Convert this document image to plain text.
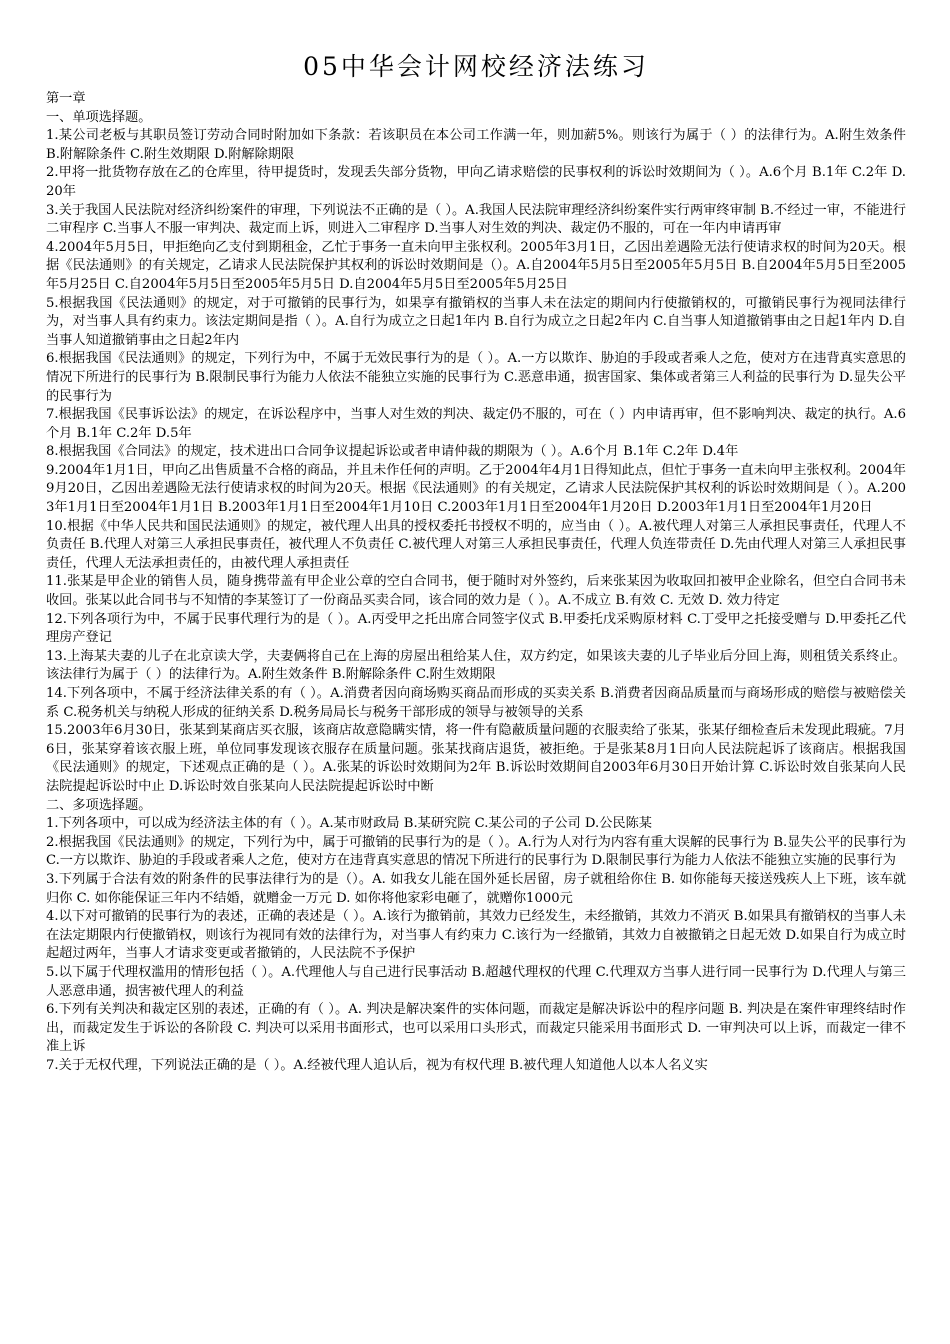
05中华会计网校经济法练习
第一章
一、单项选择题。

1.某公司老板与其职员签订劳动合同时附加如下条款：若该职员在本公司工作满一年，则加薪5%。则该行为属于（ ）的法律行为。A.附生效条件 B.附解除条件 C.附生效期限 D.附解除期限

2.甲将一批货物存放在乙的仓库里，待甲提货时，发现丢失部分货物，甲向乙请求赔偿的民事权利的诉讼时效期间为（ ）。A.6个月 B.1年 C.2年 D.20年

3.关于我国人民法院对经济纠纷案件的审理，下列说法不正确的是（ ）。A.我国人民法院审理经济纠纷案件实行两审终审制 B.不经过一审，不能进行二审程序 C.当事人不服一审判决、裁定而上诉，则进入二审程序 D.当事人对生效的判决、裁定仍不服的，可在一年内申请再审

4.2004年5月5日，甲拒绝向乙支付到期租金，乙忙于事务一直未向甲主张权利。2005年3月1日，乙因出差遇险无法行使请求权的时间为20天。根据《民法通则》的有关规定，乙请求人民法院保护其权利的诉讼时效期间是（）。A.自2004年5月5日至2005年5月5日 B.自2004年5月5日至2005年5月25日 C.自2004年5月5日至2005年5月5日 D.自2004年5月5日至2005年5月25日

5.根据我国《民法通则》的规定，对于可撤销的民事行为，如果享有撤销权的当事人未在法定的期间内行使撤销权的，可撤销民事行为视同法律行为，对当事人具有约束力。该法定期间是指（ ）。A.自行为成立之日起1年内 B.自行为成立之日起2年内 C.自当事人知道撤销事由之日起1年内 D.自当事人知道撤销事由之日起2年内

6.根据我国《民法通则》的规定，下列行为中，不属于无效民事行为的是（ ）。A.一方以欺诈、胁迫的手段或者乘人之危，使对方在违背真实意思的情况下所进行的民事行为 B.限制民事行为能力人依法不能独立实施的民事行为 C.恶意串通，损害国家、集体或者第三人利益的民事行为 D.显失公平的民事行为

7.根据我国《民事诉讼法》的规定，在诉讼程序中，当事人对生效的判决、裁定仍不服的，可在（ ）内申请再审，但不影响判决、裁定的执行。A.6个月 B.1年 C.2年 D.5年

8.根据我国《合同法》的规定，技术进出口合同争议提起诉讼或者申请仲裁的期限为（ ）。A.6个月 B.1年 C.2年 D.4年

9.2004年1月1日，甲向乙出售质量不合格的商品，并且未作任何的声明。乙于2004年4月1日得知此点，但忙于事务一直未向甲主张权利。2004年9月20日，乙因出差遇险无法行使请求权的时间为20天。根据《民法通则》的有关规定，乙请求人民法院保护其权利的诉讼时效期间是（ ）。A.2003年1月1日至2004年1月1日 B.2003年1月1日至2004年1月10日 C.2003年1月1日至2004年1月20日 D.2003年1月1日至2004年1月20日

10.根据《中华人民共和国民法通则》的规定，被代理人出具的授权委托书授权不明的，应当由（ ）。A.被代理人对第三人承担民事责任，代理人不负责任 B.代理人对第三人承担民事责任，被代理人不负责任 C.被代理人对第三人承担民事责任，代理人负连带责任 D.先由代理人对第三人承担民事责任，代理人无法承担责任的，由被代理人承担责任

11.张某是甲企业的销售人员，随身携带盖有甲企业公章的空白合同书，便于随时对外签约，后来张某因为收取回扣被甲企业除名，但空白合同书未收回。张某以此合同书与不知情的李某签订了一份商品买卖合同，该合同的效力是（ ）。A.不成立 B.有效 C. 无效 D. 效力待定

12.下列各项行为中，不属于民事代理行为的是（ ）。A.丙受甲之托出席合同签字仪式 B.甲委托戊采购原材料 C.丁受甲之托接受赠与 D.甲委托乙代理房产登记

13.上海某夫妻的儿子在北京读大学，夫妻俩将自己在上海的房屋出租给某人住，双方约定，如果该夫妻的儿子毕业后分回上海，则租赁关系终止。该法律行为属于（ ）的法律行为。A.附生效条件 B.附解除条件 C.附生效期限

14.下列各项中，不属于经济法律关系的有（ ）。A.消费者因向商场购买商品而形成的买卖关系 B.消费者因商品质量而与商场形成的赔偿与被赔偿关系 C.税务机关与纳税人形成的征纳关系 D.税务局局长与税务干部形成的领导与被领导的关系

15.2003年6月30日，张某到某商店买衣服，该商店故意隐瞒实情，将一件有隐蔽质量问题的衣服卖给了张某，张某仔细检查后未发现此瑕疵。7月6日，张某穿着该衣服上班，单位同事发现该衣服存在质量问题。张某找商店退货，被拒绝。于是张某8月1日向人民法院起诉了该商店。根据我国《民法通则》的规定，下述观点正确的是（ ）。A.张某的诉讼时效期间为2年 B.诉讼时效期间自2003年6月30日开始计算 C.诉讼时效自张某向人民法院提起诉讼时中止 D.诉讼时效自张某向人民法院提起诉讼时中断

二、多项选择题。

1.下列各项中，可以成为经济法主体的有（ ）。A.某市财政局 B.某研究院 C.某公司的子公司 D.公民陈某

2.根据我国《民法通则》的规定，下列行为中，属于可撤销的民事行为的是（ ）。A.行为人对行为内容有重大误解的民事行为 B.显失公平的民事行为 C.一方以欺诈、胁迫的手段或者乘人之危，使对方在违背真实意思的情况下所进行的民事行为 D.限制民事行为能力人依法不能独立实施的民事行为

3.下列属于合法有效的附条件的民事法律行为的是（）。A. 如我女儿能在国外延长居留，房子就租给你住 B. 如你能每天接送残疾人上下班，该车就归你 C. 如你能保证三年内不结婚，就赠金一万元 D. 如你将他家彩电砸了，就赠你1000元

4.以下对可撤销的民事行为的表述，正确的表述是（ ）。A.该行为撤销前，其效力已经发生，未经撤销，其效力不消灭 B.如果具有撤销权的当事人未在法定期限内行使撤销权，则该行为视同有效的法律行为，对当事人有约束力 C.该行为一经撤销，其效力自被撤销之日起无效 D.如果自行为成立时起超过两年，当事人才请求变更或者撤销的，人民法院不予保护

5.以下属于代理权滥用的情形包括（ ）。A.代理他人与自己进行民事活动 B.超越代理权的代理 C.代理双方当事人进行同一民事行为 D.代理人与第三人恶意串通，损害被代理人的利益

6.下列有关判决和裁定区别的表述，正确的有（ ）。A. 判决是解决案件的实体问题，而裁定是解决诉讼中的程序问题 B. 判决是在案件审理终结时作出，而裁定发生于诉讼的各阶段 C. 判决可以采用书面形式，也可以采用口头形式，而裁定只能采用书面形式 D. 一审判决可以上诉，而裁定一律不准上诉

7.关于无权代理，下列说法正确的是（ ）。A.经被代理人追认后，视为有权代理 B.被代理人知道他人以本人名义实
